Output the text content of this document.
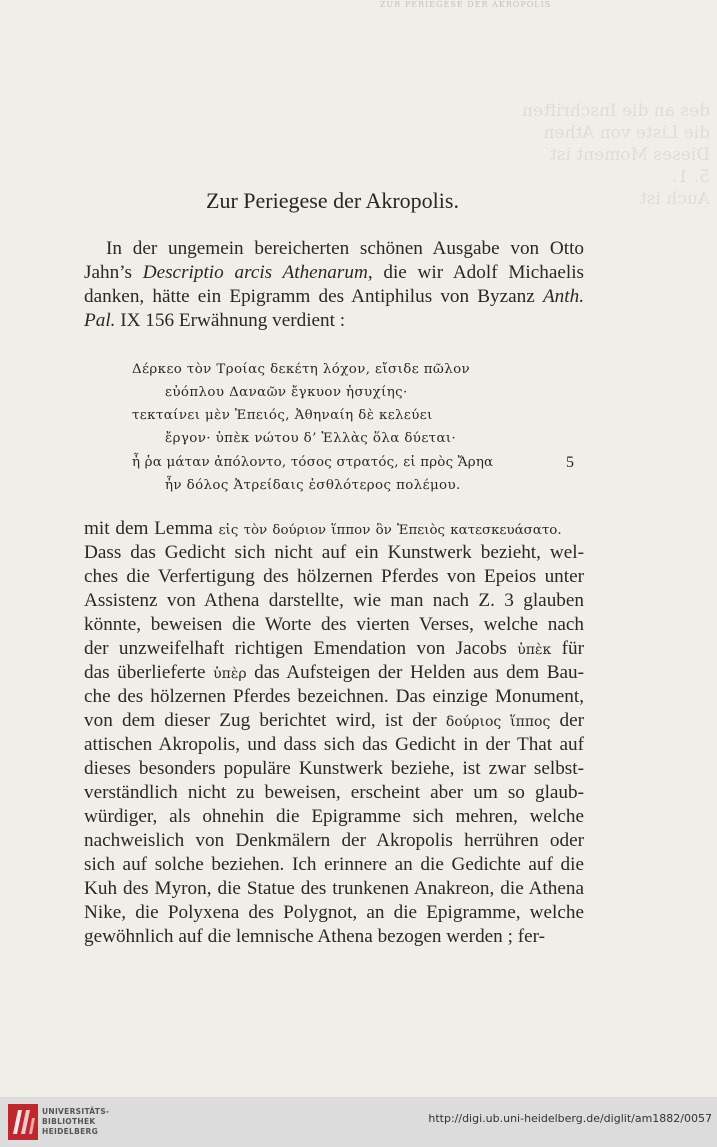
ZUR PERIEGESE DER AKROPOLIS
des an die Inschriften
die Liste von Athen
Dieses Moment ist
5. 1.
Auch ist
Zur Periegese der Akropolis.
In der ungemein bereicherten schönen Ausgabe von Otto
Jahn’s Descriptio arcis Athenarum, die wir Adolf Michaelis
danken, hätte ein Epigramm des Antiphilus von Byzanz Anth.
Pal. IX 156 Erwähnung verdient :
Δέρκεο τὸν Τροίας δεκέτη λόχον, εἴσιδε πῶλον
εὐόπλου Δαναῶν ἔγκυον ἡσυχίης·
τεκταίνει μὲν Ἐπειός, Ἀθηναίη δὲ κελεύει
ἔργον· ὑπὲκ νώτου δ’ Ἑλλὰς ὅλα δύεται·
ἦ ῥα μάταν ἀπόλοντο, τόσος στρατός, εἰ πρὸς Ἄρηα
ἦν δόλος Ἀτρείδαις ἐσθλότερος πολέμου.
5
mit dem Lemma εἰς τὸν δούριον ἵππον ὃν Ἐπειὸς κατεσκευάσατο.
Dass das Gedicht sich nicht auf ein Kunstwerk bezieht, wel-
ches die Verfertigung des hölzernen Pferdes von Epeios unter
Assistenz von Athena darstellte, wie man nach Z. 3 glauben
könnte, beweisen die Worte des vierten Verses, welche nach
der unzweifelhaft richtigen Emendation von Jacobs ὑπὲκ für
das überlieferte ὑπὲρ das Aufsteigen der Helden aus dem Bau-
che des hölzernen Pferdes bezeichnen. Das einzige Monument,
von dem dieser Zug berichtet wird, ist der δούριος ἵππος der
attischen Akropolis, und dass sich das Gedicht in der That auf
dieses besonders populäre Kunstwerk beziehe, ist zwar selbst-
verständlich nicht zu beweisen, erscheint aber um so glaub-
würdiger, als ohnehin die Epigramme sich mehren, welche
nachweislich von Denkmälern der Akropolis herrühren oder
sich auf solche beziehen. Ich erinnere an die Gedichte auf die
Kuh des Myron, die Statue des trunkenen Anakreon, die Athena
Nike, die Polyxena des Polygnot, an die Epigramme, welche
gewöhnlich auf die lemnische Athena bezogen werden ; fer-
UNIVERSITÄTS-
BIBLIOTHEK
HEIDELBERG
http://digi.ub.uni-heidelberg.de/diglit/am1882/0057
